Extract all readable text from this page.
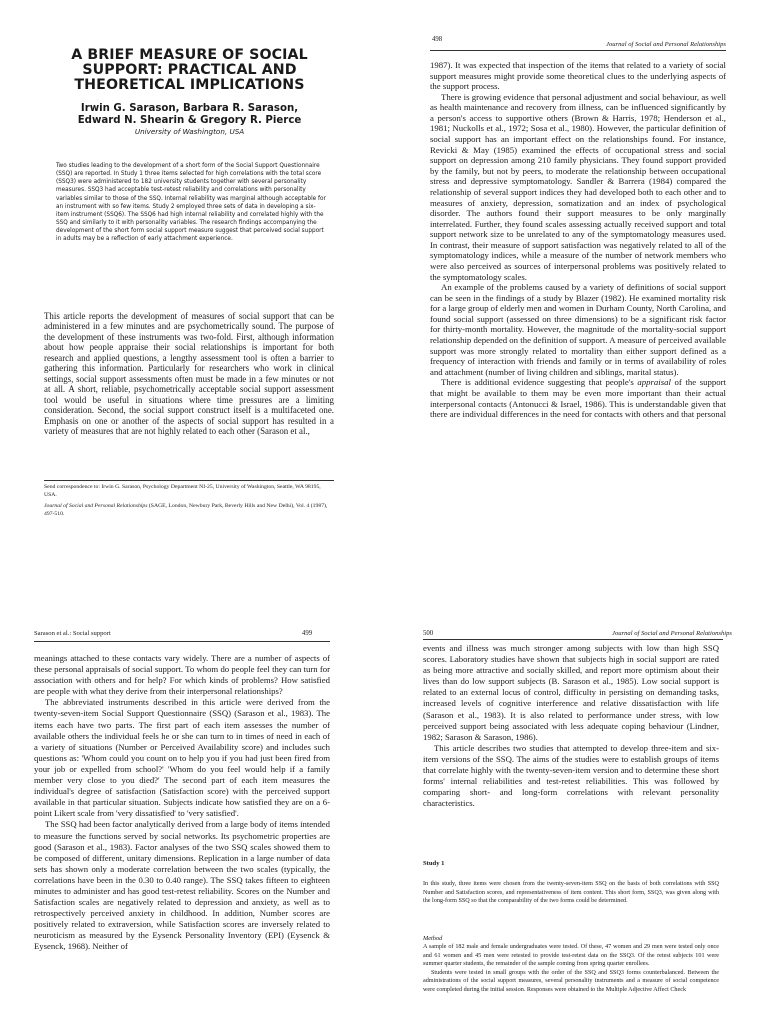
A BRIEF MEASURE OF SOCIAL SUPPORT: PRACTICAL AND THEORETICAL IMPLICATIONS
Irwin G. Sarason, Barbara R. Sarason,
Edward N. Shearin & Gregory R. Pierce
University of Washington, USA

Two studies leading to the development of a short form of the Social Support Questionnaire (SSQ) are reported. In Study 1 three items selected for high correlations with the total score (SSQ3) were administered to 182 university students together with several personality measures. SSQ3 had acceptable test-retest reliability and correlations with personality variables similar to those of the SSQ. Internal reliability was marginal although acceptable for an instrument with so few items. Study 2 employed three sets of data in developing a six-item instrument (SSQ6). The SSQ6 had high internal reliability and correlated highly with the SSQ and similarly to it with personality variables. The research findings accompanying the development of the short form social support measure suggest that perceived social support in adults may be a reflection of early attachment experience.

This article reports the development of measures of social support that can be administered in a few minutes and are psychometrically sound. The purpose of the development of these instruments was two-fold. First, although information about how people appraise their social relationships is important for both research and applied questions, a lengthy assessment tool is often a barrier to gathering this information. Particularly for researchers who work in clinical settings, social support assessments often must be made in a few minutes or not at all. A short, reliable, psychometrically acceptable social support assessment tool would be useful in situations where time pressures are a limiting consideration. Second, the social support construct itself is a multifaceted one. Emphasis on one or another of the aspects of social support has resulted in a variety of measures that are not highly related to each other (Sarason et al.,

Send correspondence to: Irwin G. Sarason, Psychology Department NI-25, University of Washington, Seattle, WA 98195, USA.

Journal of Social and Personal Relationships (SAGE, London, Newbury Park, Beverly Hills and New Delhi), Vol. 4 (1987), 497-510.

498
Journal of Social and Personal Relationships

1987). It was expected that inspection of the items that related to a variety of social support measures might provide some theoretical clues to the underlying aspects of the support process.

There is growing evidence that personal adjustment and social behaviour, as well as health maintenance and recovery from illness, can be influenced significantly by a person's access to supportive others (Brown & Harris, 1978; Henderson et al., 1981; Nuckolls et al., 1972; Sosa et al., 1980). However, the particular definition of social support has an important effect on the relationships found. For instance, Revicki & May (1985) examined the effects of occupational stress and social support on depression among 210 family physicians. They found support provided by the family, but not by peers, to moderate the relationship between occupational stress and depressive symptomatology. Sandler & Barrera (1984) compared the relationship of several support indices they had developed both to each other and to measures of anxiety, depression, somatization and an index of psychological disorder. The authors found their support measures to be only marginally interrelated. Further, they found scales assessing actually received support and total support network size to be unrelated to any of the symptomatology measures used. In contrast, their measure of support satisfaction was negatively related to all of the symptomatology indices, while a measure of the number of network members who were also perceived as sources of interpersonal problems was positively related to the symptomatology scales.

An example of the problems caused by a variety of definitions of social support can be seen in the findings of a study by Blazer (1982). He examined mortality risk for a large group of elderly men and women in Durham County, North Carolina, and found social support (assessed on three dimensions) to be a significant risk factor for thirty-month mortality. However, the magnitude of the mortality-social support relationship depended on the definition of support. A measure of perceived available support was more strongly related to mortality than either support defined as a frequency of interaction with friends and family or in terms of availability of roles and attachment (number of living children and siblings, marital status).

There is additional evidence suggesting that people's appraisal of the support that might be available to them may be even more important than their actual interpersonal contacts (Antonucci & Israel, 1986). This is understandable given that there are individual differences in the need for contacts with others and that personal

Sarason et al.: Social support	499

meanings attached to these contacts vary widely. There are a number of aspects of these personal appraisals of social support. To whom do people feel they can turn for association with others and for help? For which kinds of problems? How satisfied are people with what they derive from their interpersonal relationships?

The abbreviated instruments described in this article were derived from the twenty-seven-item Social Support Questionnaire (SSQ) (Sarason et al., 1983). The items each have two parts. The first part of each item assesses the number of available others the individual feels he or she can turn to in times of need in each of a variety of situations (Number or Perceived Availability score) and includes such questions as: 'Whom could you count on to help you if you had just been fired from your job or expelled from school?' 'Whom do you feel would help if a family member very close to you died?' The second part of each item measures the individual's degree of satisfaction (Satisfaction score) with the perceived support available in that particular situation. Subjects indicate how satisfied they are on a 6-point Likert scale from 'very dissatisfied' to 'very satisfied'.

The SSQ had been factor analytically derived from a large body of items intended to measure the functions served by social networks. Its psychometric properties are good (Sarason et al., 1983). Factor analyses of the two SSQ scales showed them to be composed of different, unitary dimensions. Replication in a large number of data sets has shown only a moderate correlation between the two scales (typically, the correlations have been in the 0.30 to 0.40 range). The SSQ takes fifteen to eighteen minutes to administer and has good test-retest reliability. Scores on the Number and Satisfaction scales are negatively related to depression and anxiety, as well as to retrospectively perceived anxiety in childhood. In addition, Number scores are positively related to extraversion, while Satisfaction scores are inversely related to neuroticism as measured by the Eysenck Personality Inventory (EPI) (Eysenck & Eysenck, 1968). Neither of

500	Journal of Social and Personal Relationships

events and illness was much stronger among subjects with low than high SSQ scores. Laboratory studies have shown that subjects high in social support are rated as being more attractive and socially skilled, and report more optimism about their lives than do low support subjects (B. Sarason et al., 1985). Low social support is related to an external locus of control, difficulty in persisting on demanding tasks, increased levels of cognitive interference and relative dissatisfaction with life (Sarason et al., 1983). It is also related to performance under stress, with low perceived support being associated with less adequate coping behaviour (Lindner, 1982; Sarason & Sarason, 1986).

This article describes two studies that attempted to develop three-item and six-item versions of the SSQ. The aims of the studies were to establish groups of items that correlate highly with the twenty-seven-item version and to determine these short forms' internal reliabilities and test-retest reliabilities. This was followed by comparing short- and long-form correlations with relevant personality characteristics.

Study 1

In this study, three items were chosen from the twenty-seven-item SSQ on the basis of both correlations with SSQ Number and Satisfaction scores, and representativeness of item content. This short form, SSQ3, was given along with the long-form SSQ so that the comparability of the two forms could be determined.

Method

A sample of 182 male and female undergraduates were tested. Of these, 47 women and 29 men were tested only once and 61 women and 45 men were retested to provide test-retest data on the SSQ3. Of the retest subjects 101 were summer quarter students, the remainder of the sample coming from spring quarter enrollees.

Students were tested in small groups with the order of the SSQ and SSQ3 forms counterbalanced. Between the administrations of the social support measures, several personality instruments and a measure of social competence were completed during the initial session. Responses were obtained to the Multiple Adjective Affect Check
